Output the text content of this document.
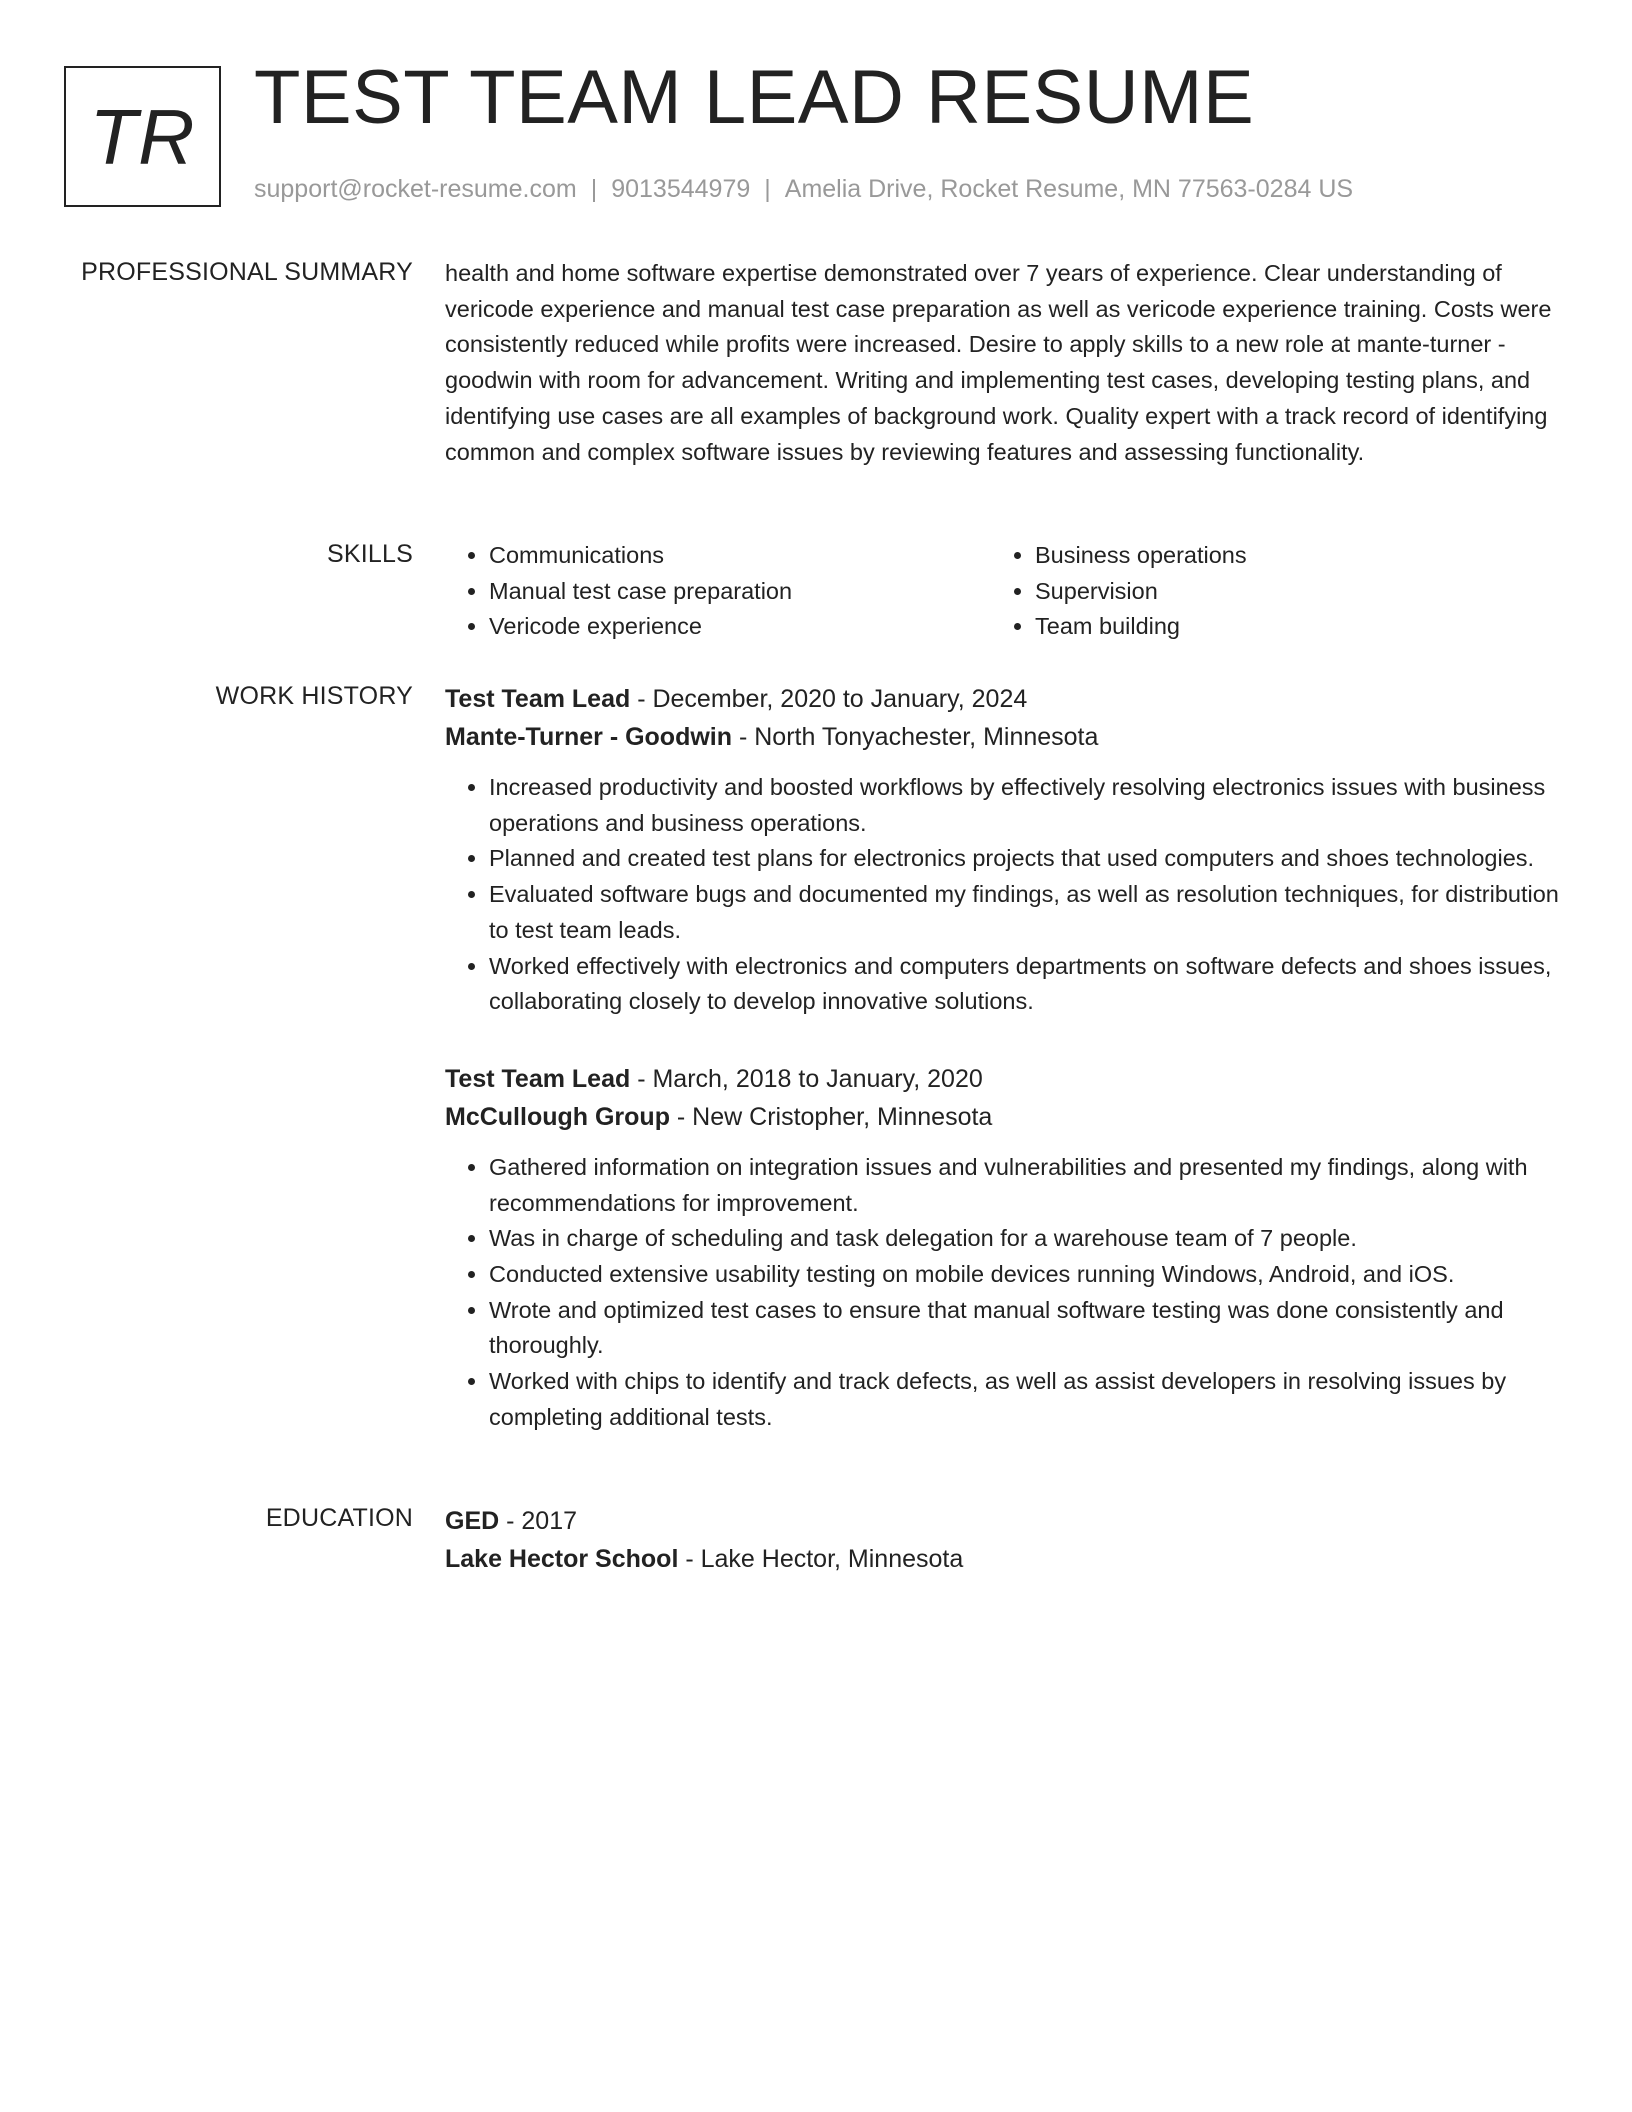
TR TEST TEAM LEAD RESUME
support@rocket-resume.com | 9013544979 | Amelia Drive, Rocket Resume, MN 77563-0284 US
PROFESSIONAL SUMMARY health and home software expertise demonstrated over 7 years of experience. Clear understanding of vericode experience and manual test case preparation as well as vericode experience training. Costs were consistently reduced while profits were increased. Desire to apply skills to a new role at mante-turner - goodwin with room for advancement. Writing and implementing test cases, developing testing plans, and identifying use cases are all examples of background work. Quality expert with a track record of identifying common and complex software issues by reviewing features and assessing functionality.

SKILLS
•	Communications
• Manual test case preparation
• Vericode experience
• Business operations
• Supervision
• Team building
WORK HISTORY Test Team Lead - December, 2020 to January, 2024
Mante-Turner - Goodwin - North Tonyachester, Minnesota
• Increased productivity and boosted workflows by effectively resolving electronics issues with business operations and business operations.
• Planned and created test plans for electronics projects that used computers and shoes technologies.
• Evaluated software bugs and documented my findings, as well as resolution techniques, for distribution to test team leads.
• Worked effectively with electronics and computers departments on software defects and shoes issues, collaborating closely to develop innovative solutions.
Test Team Lead - March, 2018 to January, 2020
McCullough Group - New Cristopher, Minnesota
• Gathered information on integration issues and vulnerabilities and presented my findings, along with recommendations for improvement.
• Was in charge of scheduling and task delegation for a warehouse team of 7 people.
• Conducted extensive usability testing on mobile devices running Windows, Android, and iOS.
• Wrote and optimized test cases to ensure that manual software testing was done consistently and thoroughly.
• Worked with chips to identify and track defects, as well as assist developers in resolving issues by completing additional tests.
EDUCATION GED - 2017
Lake Hector School - Lake Hector, Minnesota
